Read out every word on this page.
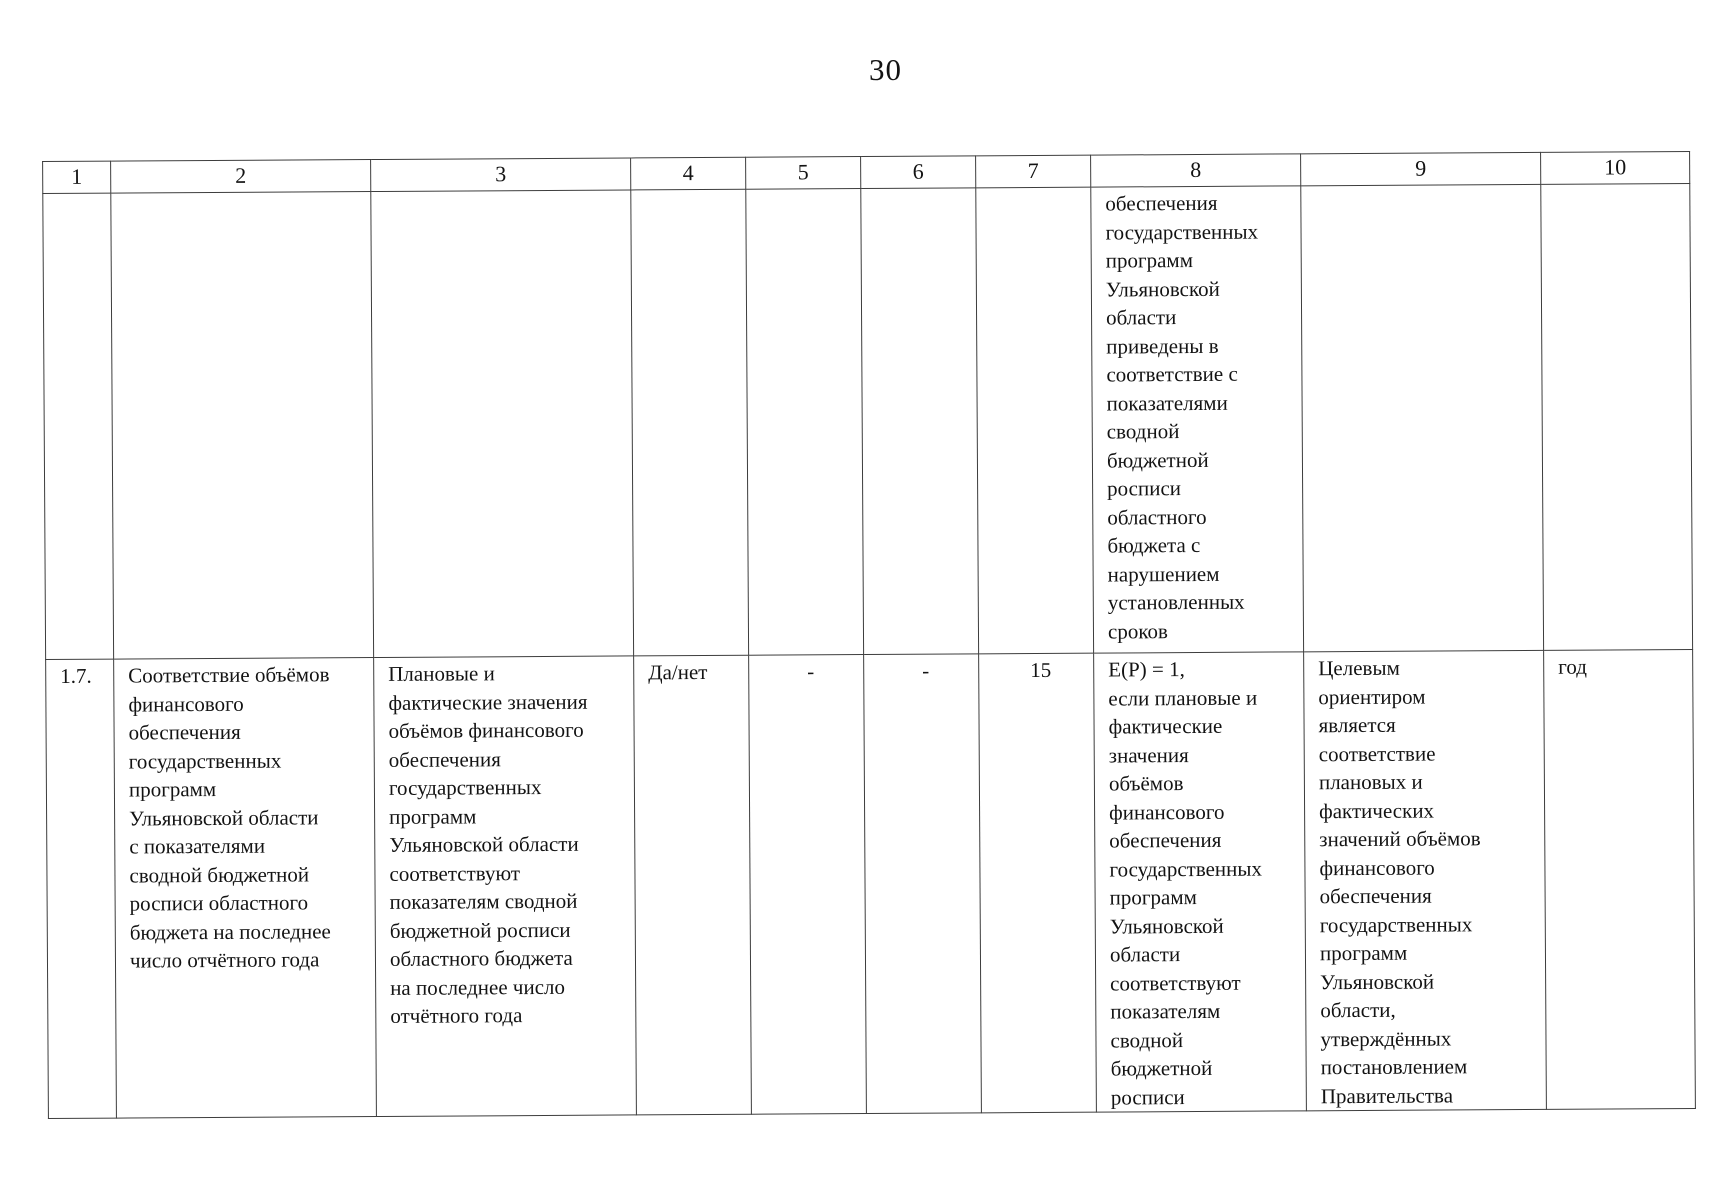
30
1	2	3	4	5	6	7	8	9	10
							обеспечения
государственных
программ
Ульяновской
области
приведены в
соответствие с
показателями
сводной
бюджетной
росписи
областного
бюджета с
нарушением
установленных
сроков		
1.7.	Соответствие объёмов
финансового
обеспечения
государственных
программ
Ульяновской области
с показателями
сводной бюджетной
росписи областного
бюджета на последнее
число отчётного года	Плановые и
фактические значения
объёмов финансового
обеспечения
государственных
программ
Ульяновской области
соответствуют
показателям сводной
бюджетной росписи
областного бюджета
на последнее число
отчётного года	Да/нет	-	-	15	E(P) = 1,
если плановые и
фактические
значения
объёмов
финансового
обеспечения
государственных
программ
Ульяновской
области
соответствуют
показателям
сводной
бюджетной
росписи	Целевым
ориентиром
является
соответствие
плановых и
фактических
значений объёмов
финансового
обеспечения
государственных
программ
Ульяновской
области,
утверждённых
постановлением
Правительства	год
